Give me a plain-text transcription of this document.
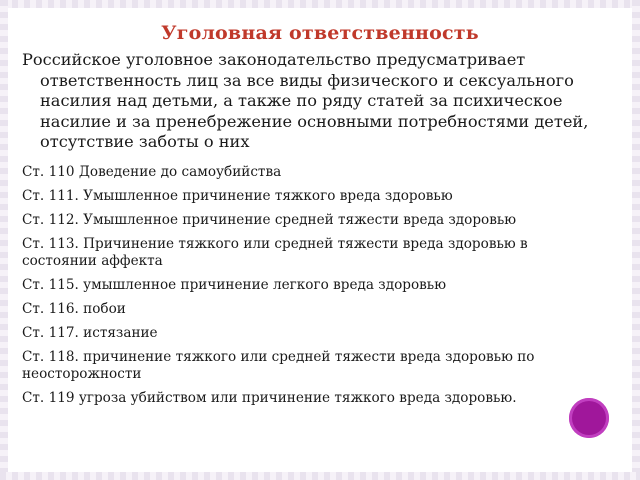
Уголовная ответственность
Российское уголовное законодательство предусматривает
ответственность лиц за все виды физического и сексуального насилия над детьми, а также по ряду статей за психическое насилие и за пренебрежение основными потребностями детей, отсутствие заботы о них
Ст. 110 Доведение до самоубийства
Ст. 111. Умышленное причинение тяжкого вреда здоровью
Ст. 112. Умышленное причинение средней тяжести вреда здоровью
Ст. 113. Причинение тяжкого или средней тяжести вреда здоровью в состоянии аффекта
Ст. 115. умышленное причинение легкого вреда здоровью
Ст. 116. побои
Ст. 117. истязание
Ст. 118. причинение тяжкого или средней тяжести вреда здоровью по неосторожности
Ст. 119 угроза убийством или причинение тяжкого вреда здоровью.
